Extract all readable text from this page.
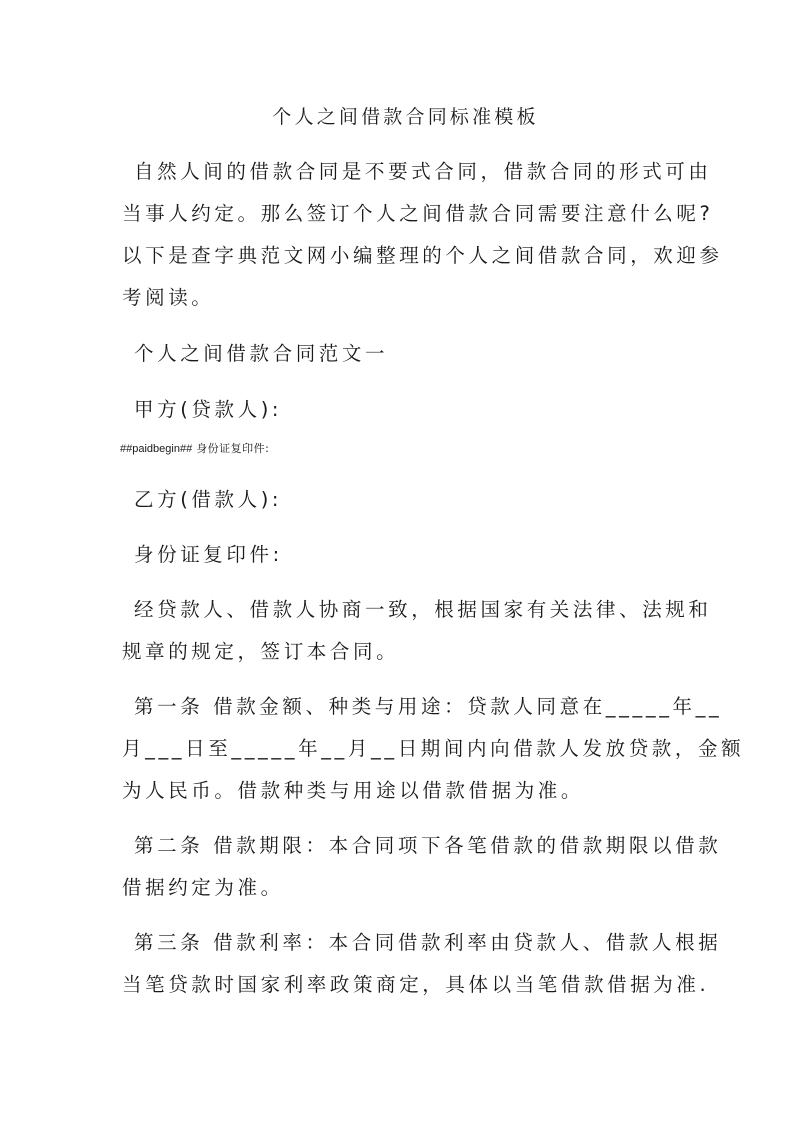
个人之间借款合同标准模板
自然人间的借款合同是不要式合同，借款合同的形式可由
当事人约定。那么签订个人之间借款合同需要注意什么呢?
以下是查字典范文网小编整理的个人之间借款合同，欢迎参
考阅读。
个人之间借款合同范文一
甲方(贷款人):
##paidbegin## 身份证复印件:
乙方(借款人):
身份证复印件:
经贷款人、借款人协商一致，根据国家有关法律、法规和
规章的规定，签订本合同。
第一条 借款金额、种类与用途：贷款人同意在_____年__
月___日至_____年__月__日期间内向借款人发放贷款，金额
为人民币。借款种类与用途以借款借据为准。
第二条 借款期限：本合同项下各笔借款的借款期限以借款
借据约定为准。
第三条 借款利率：本合同借款利率由贷款人、借款人根据
当笔贷款时国家利率政策商定，具体以当笔借款借据为准.
